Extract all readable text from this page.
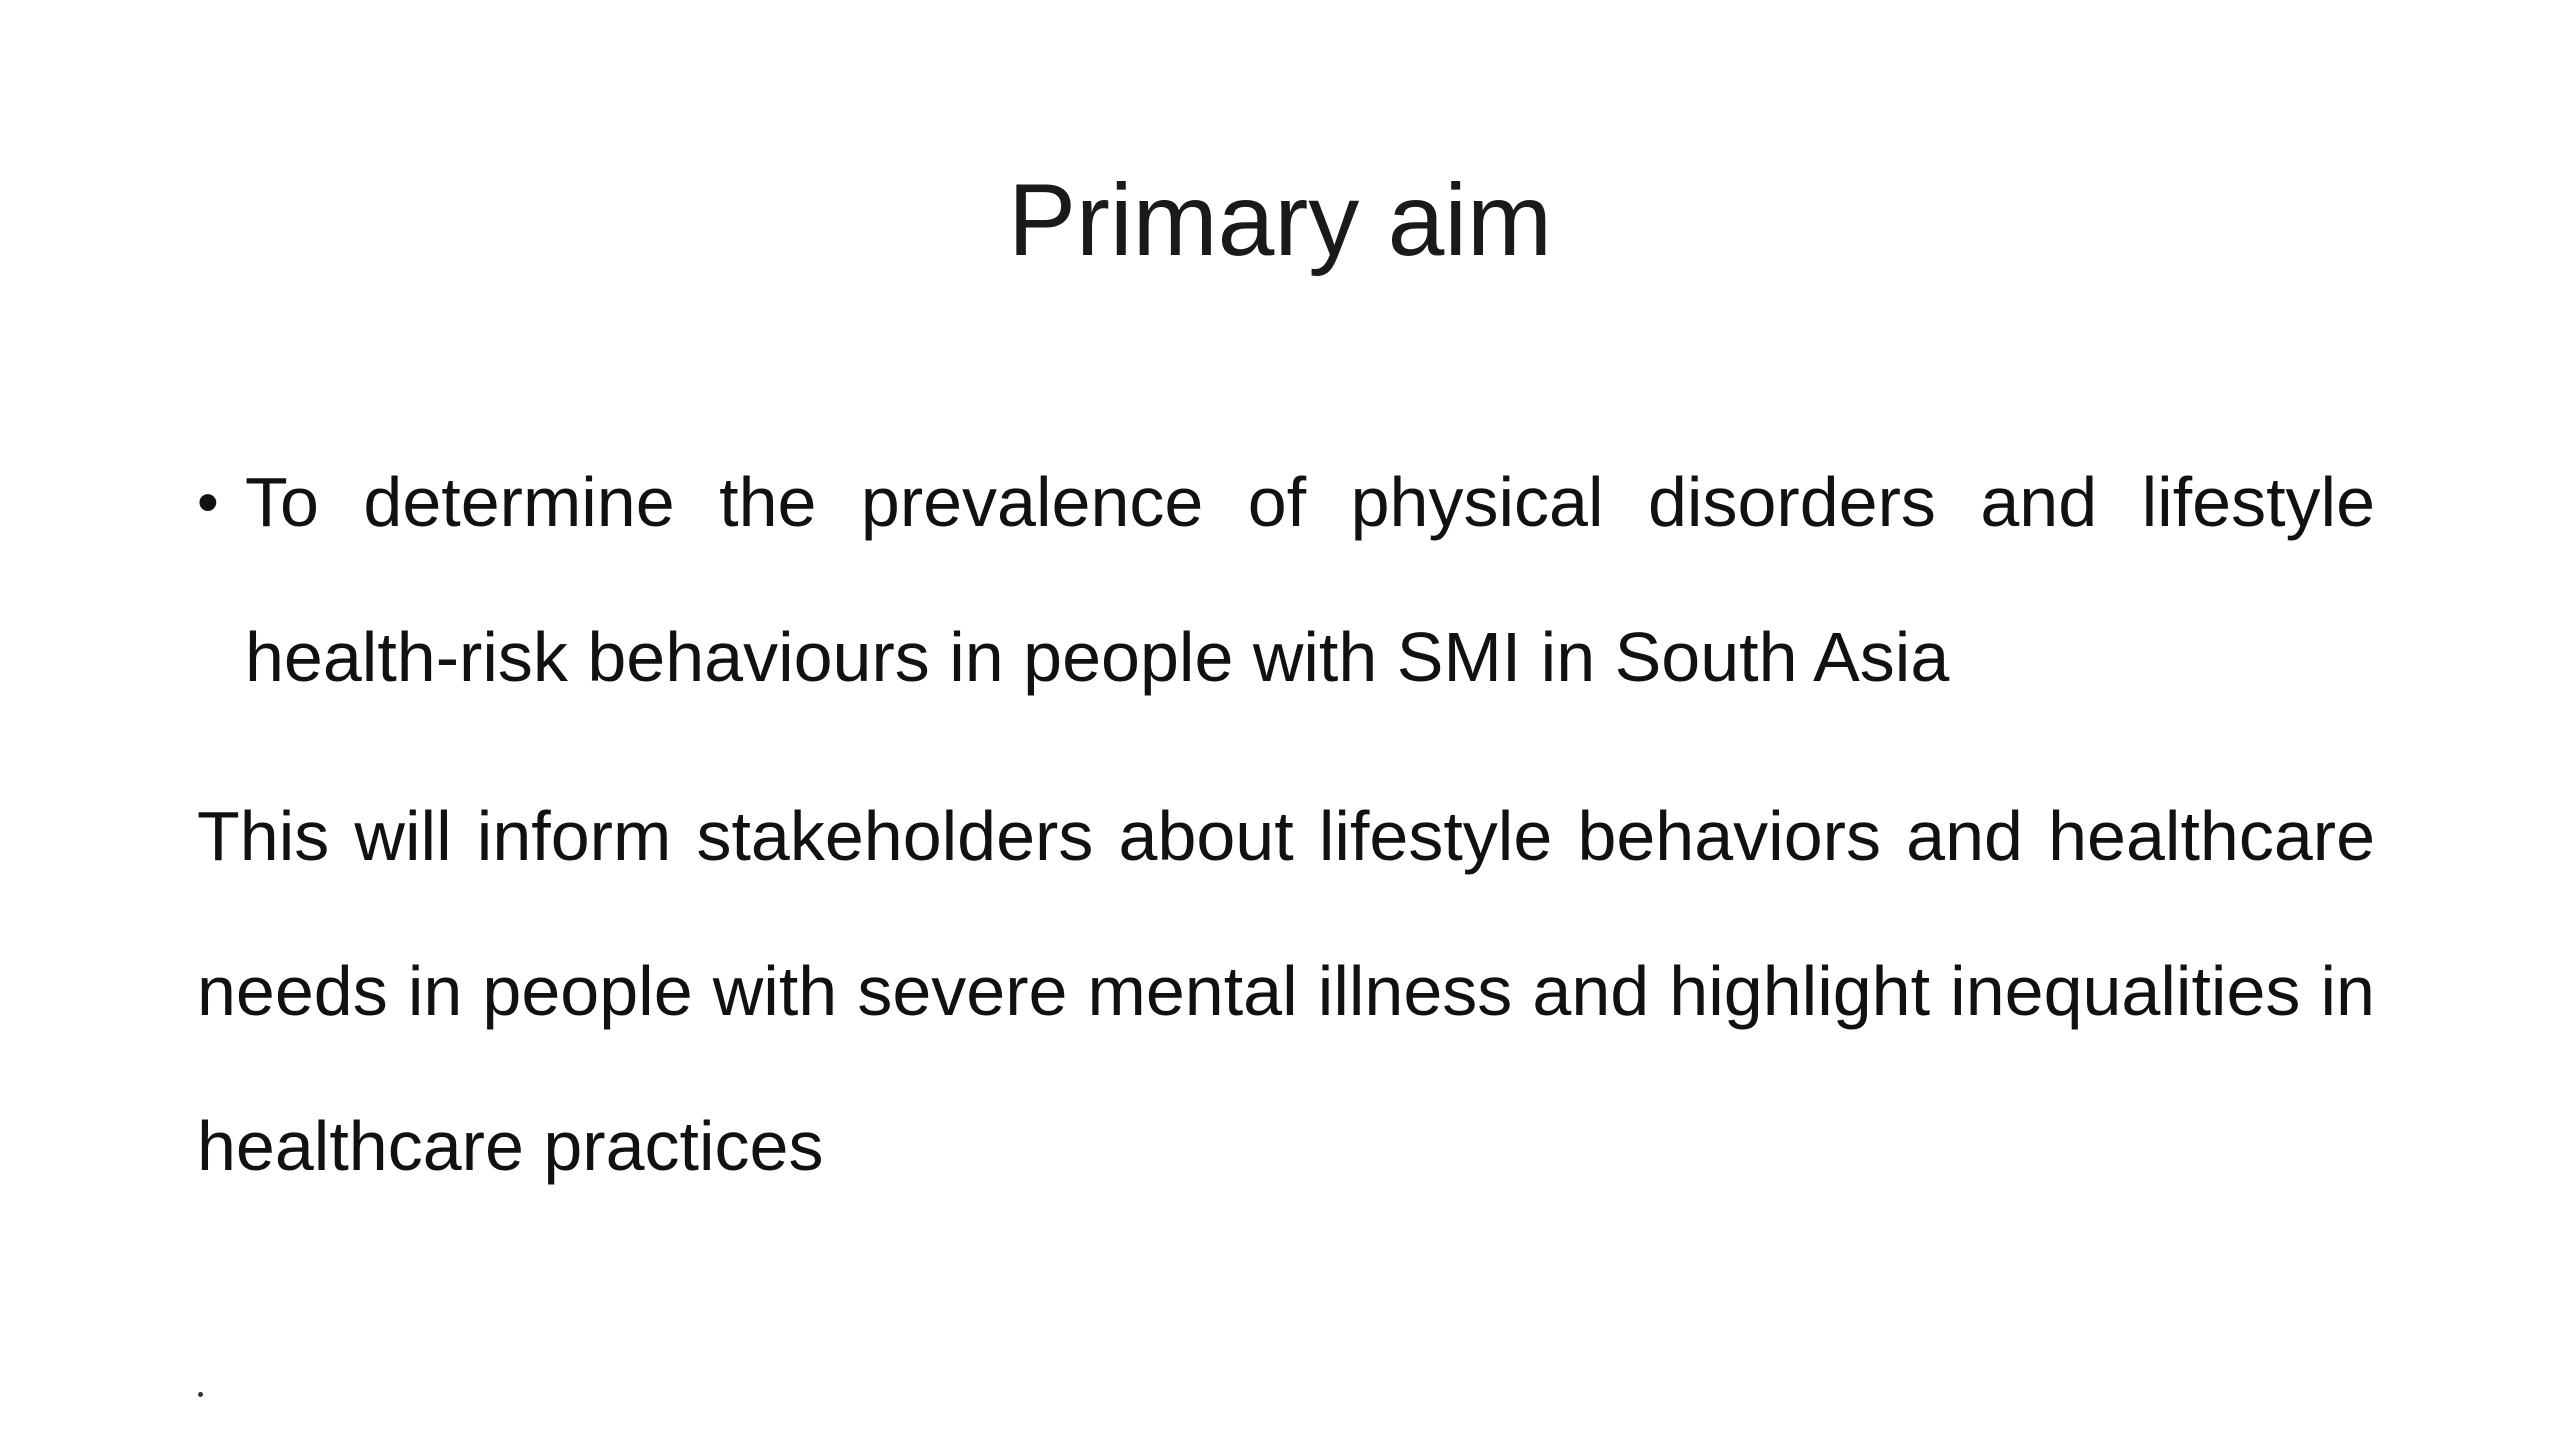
Primary aim
• To determine the prevalence of physical disorders and lifestyle health-risk behaviours in people with SMI in South Asia
This will inform stakeholders about lifestyle behaviors and healthcare needs in people with severe mental illness and highlight inequalities in healthcare practices
